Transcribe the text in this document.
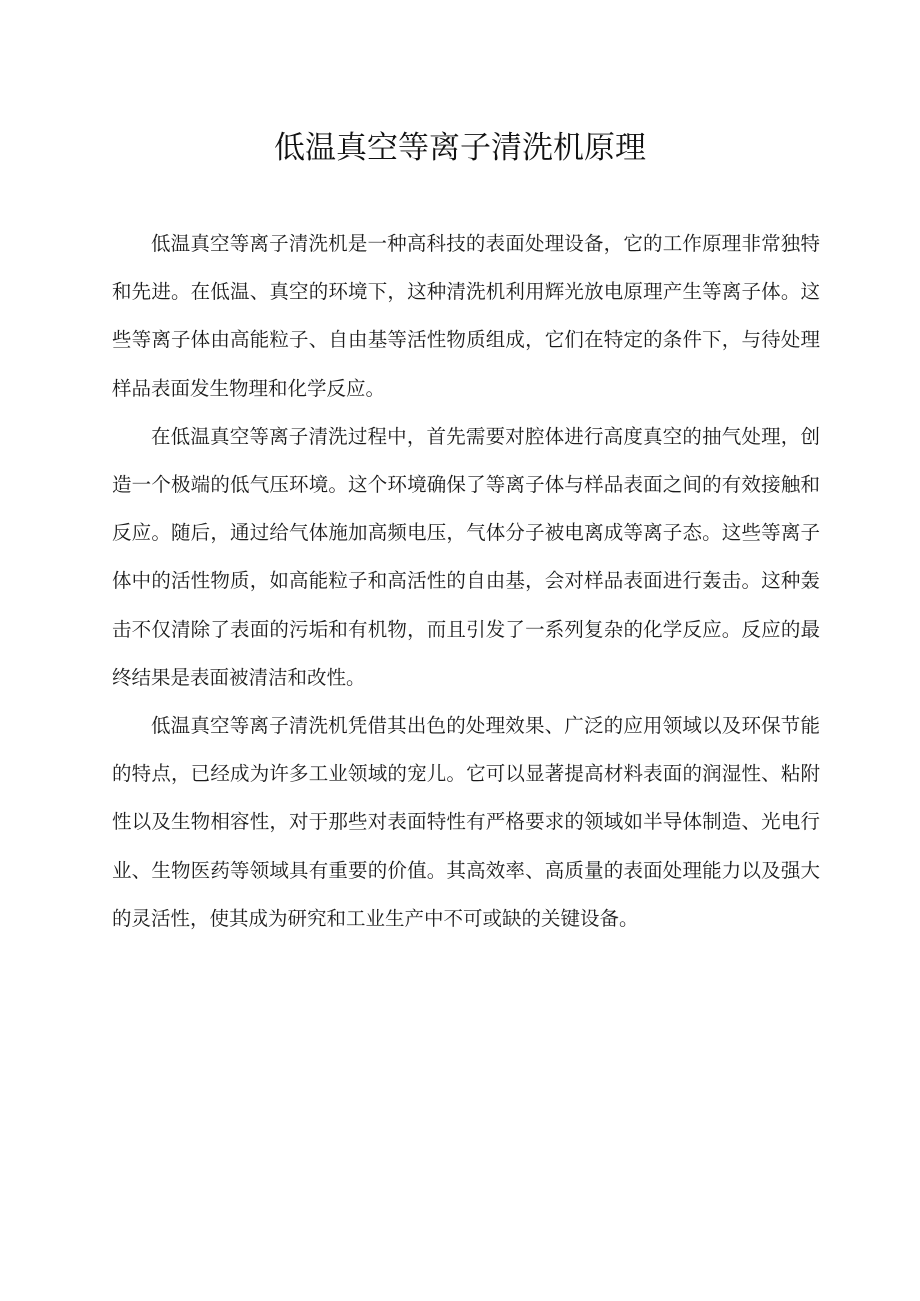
低温真空等离子清洗机原理

低温真空等离子清洗机是一种高科技的表面处理设备，它的工作原理非常独特和先进。在低温、真空的环境下，这种清洗机利用辉光放电原理产生等离子体。这些等离子体由高能粒子、自由基等活性物质组成，它们在特定的条件下，与待处理样品表面发生物理和化学反应。

在低温真空等离子清洗过程中，首先需要对腔体进行高度真空的抽气处理，创造一个极端的低气压环境。这个环境确保了等离子体与样品表面之间的有效接触和反应。随后，通过给气体施加高频电压，气体分子被电离成等离子态。这些等离子体中的活性物质，如高能粒子和高活性的自由基，会对样品表面进行轰击。这种轰击不仅清除了表面的污垢和有机物，而且引发了一系列复杂的化学反应。反应的最终结果是表面被清洁和改性。

低温真空等离子清洗机凭借其出色的处理效果、广泛的应用领域以及环保节能的特点，已经成为许多工业领域的宠儿。它可以显著提高材料表面的润湿性、粘附性以及生物相容性，对于那些对表面特性有严格要求的领域如半导体制造、光电行业、生物医药等领域具有重要的价值。其高效率、高质量的表面处理能力以及强大的灵活性，使其成为研究和工业生产中不可或缺的关键设备。
